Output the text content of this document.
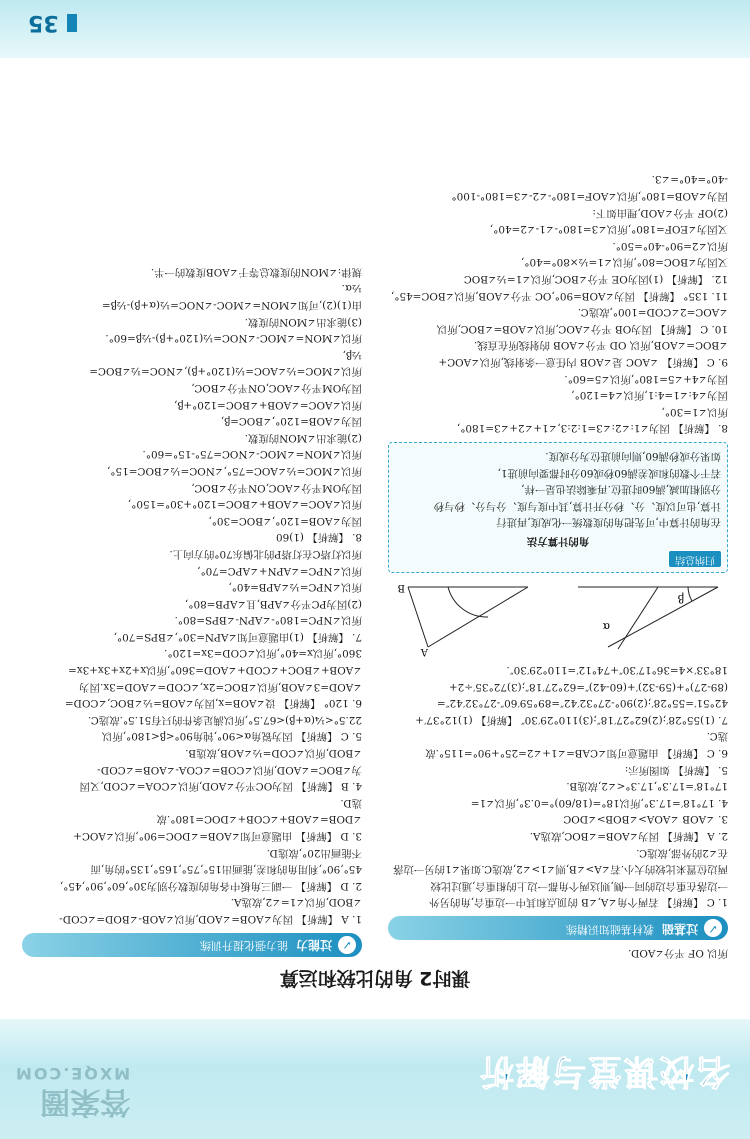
名校课堂与解析
答案圈
MXQE.COM
课时2 角的比较和运算
所以 OF 平分∠AOD.
✓
过基础
教材基础知识精练
1. C 【解析】 若两个角∠A,∠B 的顶点和其中一边重合,角的另外
一边落在重合边的同一侧,则这两个角都一边上的相重合,通过比较
两边位置来比较的大小.若∠A>∠B,则∠1>∠2,故选C.如果∠1的另一边落
在∠2的外部,故选C.
2. A 【解析】 因为∠AOB=∠BOC,故选A.
3. ∠AOB ∠AOA>∠BOB>∠DOC
4. 17°18′=17.3°,所以18°=(18/60)°=0.3°,所以∠1=
17°18′=17.3°,17.3°<∠2,故选B.
5. 【解析】 如图所示:
6. C 【解析】 由题意可知∠CAB=∠1+∠2=25°+90°=115°.故
选C.
7. (1)55°28′;(2)62°27′18″;(3)110°29′30″ 【解析】 (1)12°37′+
42°51′=55°28′;(2)90°-27°32′42″=89°59′60″-27°32′42″=
(89-27)°+(59-32)′+(60-42)″=62°27′18″;(3)72°35′÷2+
18°33′×4=36°17′30″+74°12′=110°29′30″.
β
α
A
B
归纳总结
角的计算方法
在角的计算中,可先把角的度数统一化成度,再进行
计算,也可以度、分、秒分开计算,其中度与度、分与分、秒与秒
分别相加减,满60时进位.再乘除法也是一样,
若干个数的和或差满60秒或60分时都要向前进1,
如果分或秒满60,则向前进位为分或度.
8. 【解析】 因为∠1:∠2:∠3=1:2:3,∠1+∠2+∠3=180°,
所以∠1=30°,
因为∠4:∠1=4:1,所以∠4=120°,
因为∠4+∠5=180°,所以∠5=60°.
9. C 【解析】 ∠AOC 是∠AOB 内任意一条射线,所以∠AOC+
∠BOC=∠AOB,所以 OD 平分∠AOB 的射线所在直线.
10. C 【解析】 因为OB 平分∠AOC,所以∠AOB=∠BOC,所以
∠AOC=2∠COD=100°,故选C.
11. 135° 【解析】 因为∠AOB=90°,OC 平分∠AOB,所以∠BOC=45°,
12. 【解析】 (1)因为OE 平分∠BOC,所以∠1=½∠BOC
又因为∠BOC=80°,所以∠1=½×80°=40°,
所以∠2=90°-40°=50°.
又因为∠EOF=180°,所以∠3=180°-∠1-∠2=40°,
(2)OF 平分∠AOD,理由如下:
因为∠AOB=180°,所以∠AOF=180°-∠2-∠3=180°-100°
-40°=40°=∠3.
✓
过能力
能力强化提升训练
1. A 【解析】 因为∠AOB=∠AOD,所以∠AOB-∠BOD=∠COD-
∠BOD,所以∠1=∠2,故选A.
2. D 【解析】 一副三角板中各角的度数分别为30°,60°,90°,45°,
45°,90°,利用角的和差,能画出15°,75°,165°,135°的角,而
不能画出20°,故选D.
3. D 【解析】 由题意可知∠AOB=∠DOC=90°,所以∠AOC+
∠DOB=∠AOB+∠COB+∠DOC=180°.故
选D.
4. B 【解析】 因为OC平分∠AOD,所以∠COA=∠COD,又因
为∠BOC=∠AOD,所以∠COB=∠COA-∠AOB=∠COD-
∠BOD,所以∠COD=½∠AOB,故选B.
5. C 【解析】 因为锐角α<90°,钝角90°<β<180°,所以
22.5°<¼(α+β)<67.5°,所以满足条件的只有51.5°.故选C.
6. 120° 【解析】 设∠AOB=x,因为∠AOB=½∠BOC,∠COD=
∠AOD=3∠AOB,所以∠BOC=2x,∠COD=∠AOD=3x.因为
∠AOB+∠BOC+∠COD+∠AOD=360°,所以x+2x+3x+3x=
360°,所以x=40°,所以∠COD=3x=120°.
7. 【解析】 (1)由题意可知∠APN=30°,∠BPS=70°,
所以∠NPC=180°-∠APN-∠BPS=80°.
(2)因为PC平分∠APB,且∠APB=80°,
所以∠NPC=½∠APB=40°,
所以∠NPC=∠APN+∠APC=70°,
所以灯塔C在灯塔P的北偏东70°的方向上.
8. 【解析】 (1)60
因为∠AOB=120°,∠BOC=30°,
所以∠AOC=∠AOB+∠BOC=120°+30°=150°,
因为OM平分∠AOC,ON平分∠BOC,
所以∠MOC=½∠AOC=75°,∠NOC=½∠BOC=15°,
所以∠MON=∠MOC-∠NOC=75°-15°=60°.
(2)能求出∠MON的度数.
因为∠AOB=120°,∠BOC=β,
所以∠AOC=∠AOB+∠BOC=120°+β,
因为OM平分∠AOC,ON平分∠BOC,
所以∠MOC=½∠AOC=½(120°+β),∠NOC=½∠BOC=
½β,
所以∠MON=∠MOC-∠NOC=½(120°+β)-½β=60°.
(3)能求出∠MON的度数.
由(1)(2),可知∠MON=∠MOC-∠NOC=½(α+β)-½β=
½α.
规律:∠MON的度数总等于∠AOB度数的一半.
35
